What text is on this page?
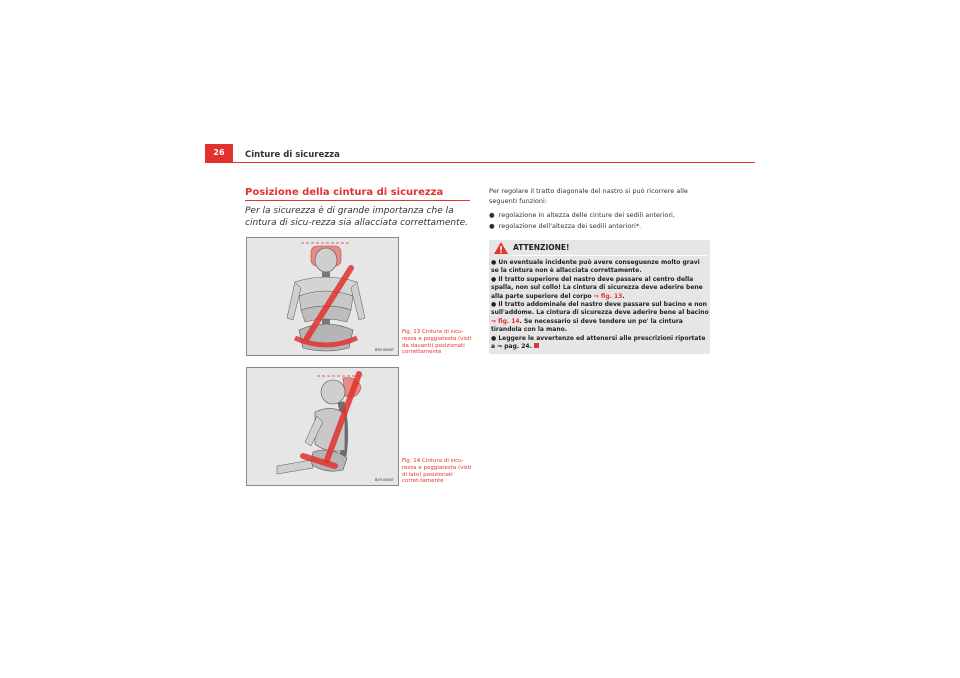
26	Cinture di sicurezza
Posizione della cintura di sicurezza
Per la sicurezza è di grande importanza che la cintura di sicu-rezza sia allacciata correttamente.
B5P-0066T
Fig. 13 Cintura di sicu-rezza e poggiatesta (visti da davanti) posizionati correttamente
B5P-0065T
Fig. 14 Cintura di sicu-rezza e poggiatesta (visti di lato) posizionati corret-tamente
Per regolare il tratto diagonale del nastro si può ricorrere alle seguenti funzioni:
● regolazione in altezza delle cinture dei sedili anteriori,
● regolazione dell'altezza dei sedili anteriori*.
ATTENZIONE!

● Un eventuale incidente può avere conseguenze molto gravi se la cintura non è allacciata correttamente.

● Il tratto superiore del nastro deve passare al centro della spalla, non sul collo! La cintura di sicurezza deve aderire bene alla parte superiore del corpo ⇒ fig. 13.

● Il tratto addominale del nastro deve passare sul bacino e non sull'addome. La cintura di sicurezza deve aderire bene al bacino ⇒ fig. 14. Se necessario si deve tendere un po' la cintura tirandola con la mano.

● Leggere le avvertenze ed attenersi alle prescrizioni riportate a ⇒ pag. 24.
